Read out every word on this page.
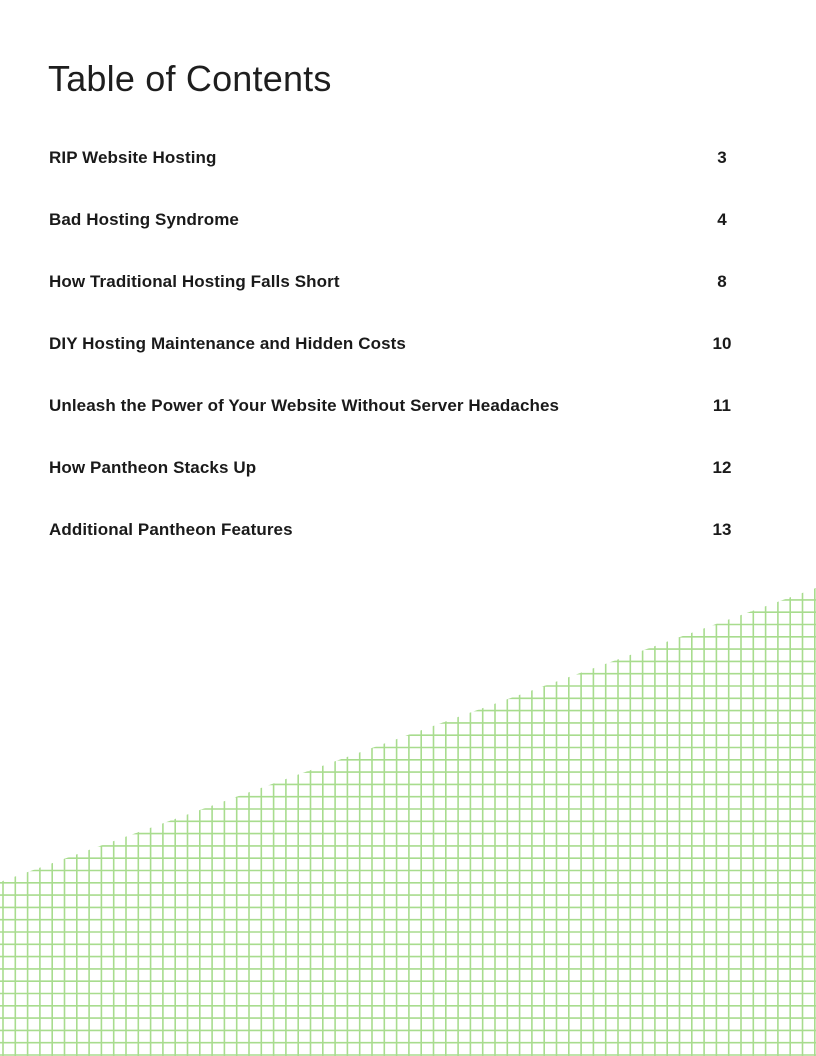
Table of Contents
RIP Website Hosting	3
Bad Hosting Syndrome	4
How Traditional Hosting Falls Short	8
DIY Hosting Maintenance and Hidden Costs	10
Unleash the Power of Your Website Without Server Headaches	11
How Pantheon Stacks Up	12
Additional Pantheon Features	13
